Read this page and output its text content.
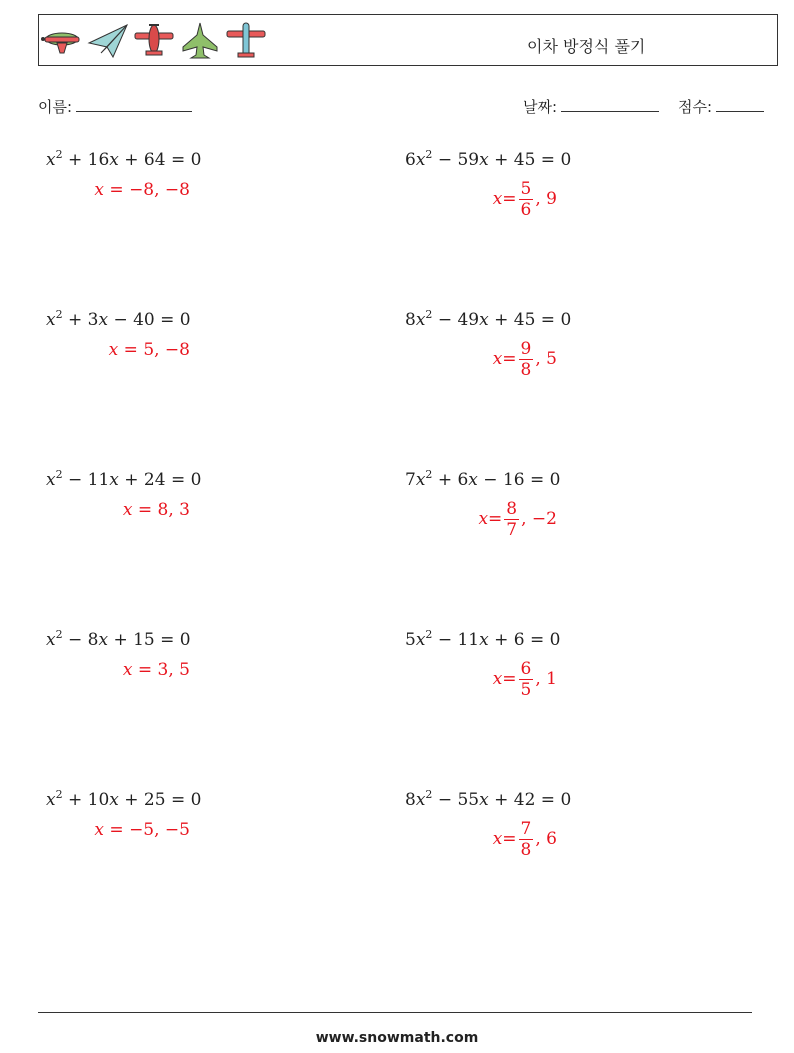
이차 방정식 풀기
이름:	날짜:	점수:
$x^2 + 16x + 64 = 0$
x = −8, −8
$6x^2 - 59x + 45 = 0$
$x = \frac{5}{6}$ , 9
$x^2 + 3x - 40 = 0$
x = 5, −8
$8x^2 - 49x + 45 = 0$
$x = \frac{9}{8}$ , 5
$x^2 - 11x + 24 = 0$
x = 8, 3
$7x^2 + 6x - 16 = 0$
$x = \frac{8}{7}$ , −2
$x^2 - 8x + 15 = 0$
x = 3, 5
$5x^2 - 11x + 6 = 0$
$x = \frac{6}{5}$ , 1
$x^2 + 10x + 25 = 0$
x = −5, −5
$8x^2 - 55x + 42 = 0$
$x = \frac{7}{8}$ , 6
www.snowmath.com
